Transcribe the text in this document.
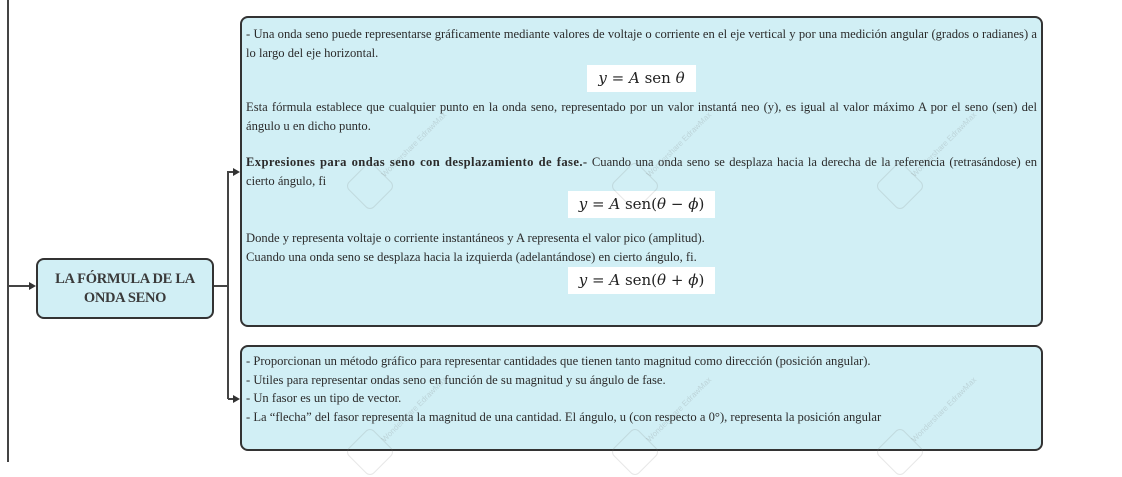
LA FÓRMULA DE LA
ONDA SENO

- Una onda seno puede representarse gráficamente mediante valores de voltaje o corriente en el eje vertical y por una medición angular (grados o radianes) a lo largo del eje horizontal.

y = A sen θ

Esta fórmula establece que cualquier punto en la onda seno, representado por un valor instantá neo (y), es igual al valor máximo A por el seno (sen) del ángulo u en dicho punto.

Expresiones para ondas seno con desplazamiento de fase.- Cuando una onda seno se desplaza hacia la derecha de la referencia (retrasándose) en cierto ángulo, fi

y = A sen(θ − ϕ)

Donde y representa voltaje o corriente instantáneos y A representa el valor pico (amplitud).

Cuando una onda seno se desplaza hacia la izquierda (adelantándose) en cierto ángulo, fi.

y = A sen(θ + ϕ)

- Proporcionan un método gráfico para representar cantidades que tienen tanto magnitud como dirección (posición angular).

- Utiles para representar ondas seno en función de su magnitud y su ángulo de fase.

- Un fasor es un tipo de vector.

- La “flecha” del fasor representa la magnitud de una cantidad. El ángulo, u (con respecto a 0°), representa la posición angular

Wondershare EdrawMax	Wondershare EdrawMax	Wondershare EdrawMax
Wondershare EdrawMax	Wondershare EdrawMax	Wondershare EdrawMax
